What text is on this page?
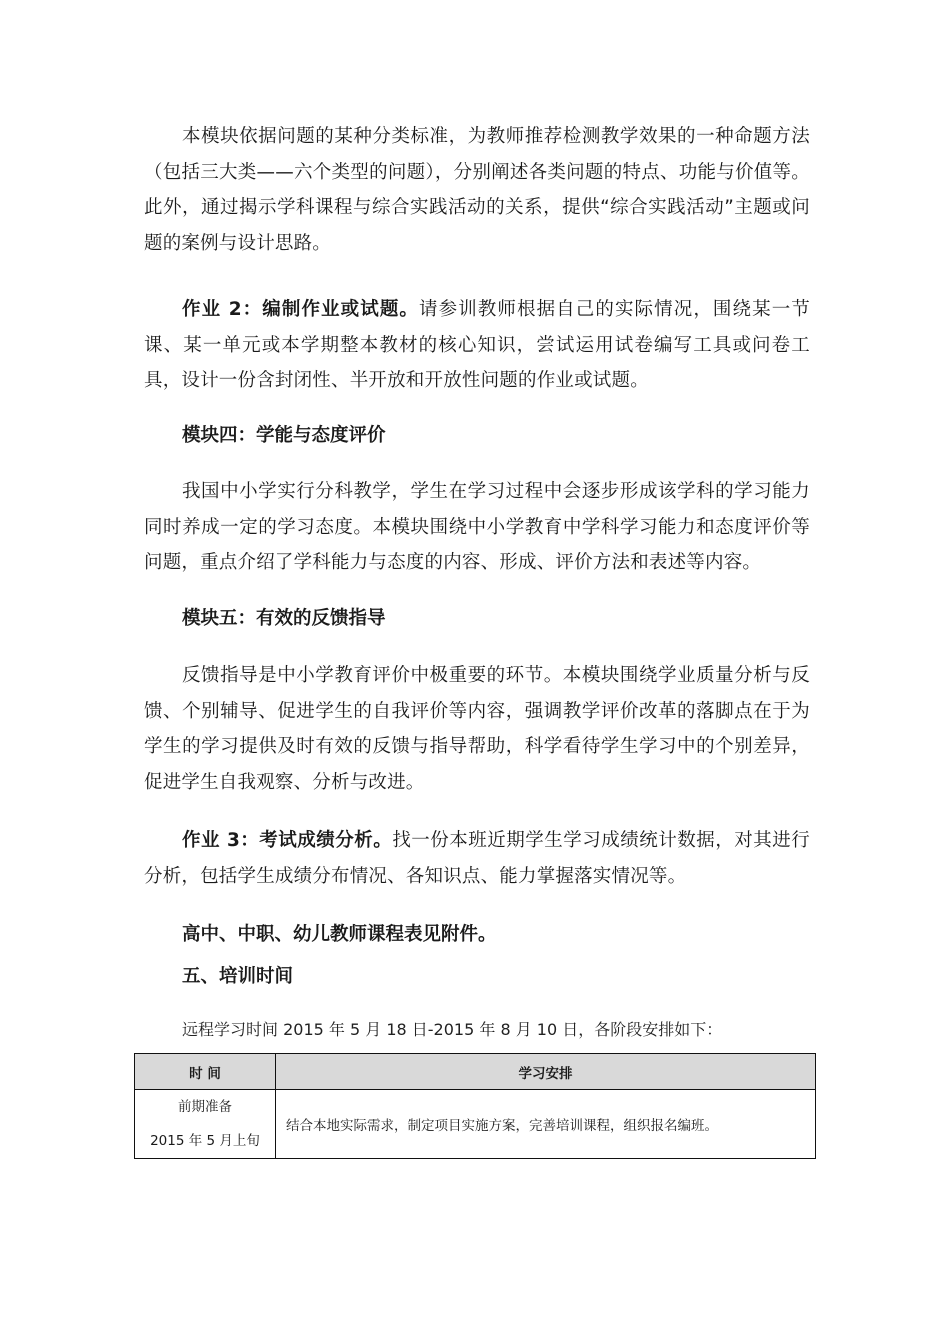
本模块依据问题的某种分类标准，为教师推荐检测教学效果的一种命题方法（包括三大类——六个类型的问题），分别阐述各类问题的特点、功能与价值等。此外，通过揭示学科课程与综合实践活动的关系，提供“综合实践活动”主题或问题的案例与设计思路。

作业 2：编制作业或试题。请参训教师根据自己的实际情况，围绕某一节课、某一单元或本学期整本教材的核心知识，尝试运用试卷编写工具或问卷工具，设计一份含封闭性、半开放和开放性问题的作业或试题。

模块四：学能与态度评价

我国中小学实行分科教学，学生在学习过程中会逐步形成该学科的学习能力同时养成一定的学习态度。本模块围绕中小学教育中学科学习能力和态度评价等问题，重点介绍了学科能力与态度的内容、形成、评价方法和表述等内容。

模块五：有效的反馈指导

反馈指导是中小学教育评价中极重要的环节。本模块围绕学业质量分析与反馈、个别辅导、促进学生的自我评价等内容，强调教学评价改革的落脚点在于为学生的学习提供及时有效的反馈与指导帮助，科学看待学生学习中的个别差异，促进学生自我观察、分析与改进。

作业 3：考试成绩分析。找一份本班近期学生学习成绩统计数据，对其进行分析，包括学生成绩分布情况、各知识点、能力掌握落实情况等。

高中、中职、幼儿教师课程表见附件。
五、培训时间

远程学习时间 2015 年 5 月 18 日-2015 年 8 月 10 日，各阶段安排如下：

时 间	学习安排

前期准备
2015 年 5 月上旬	结合本地实际需求，制定项目实施方案，完善培训课程，组织报名编班。
